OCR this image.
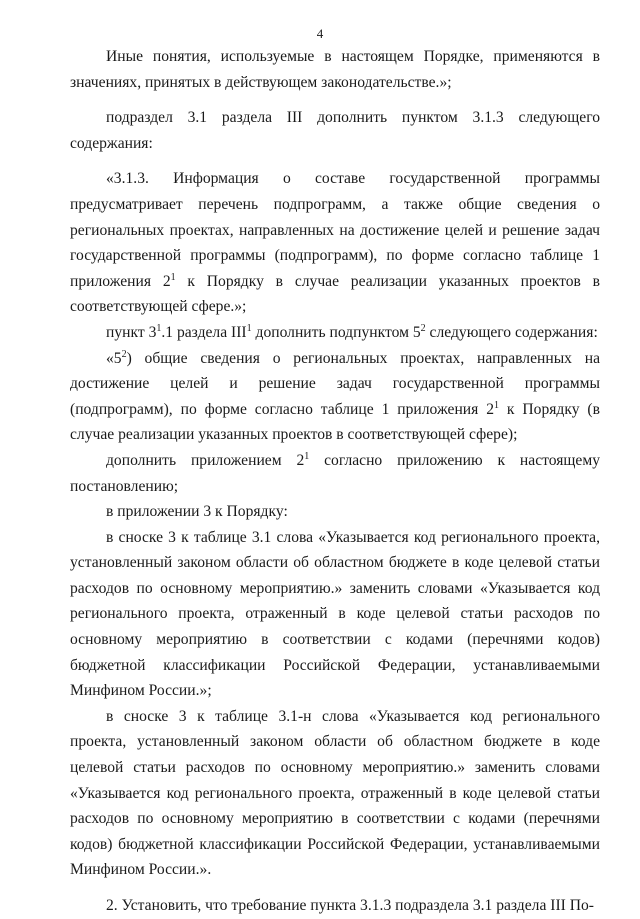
4

Иные понятия, используемые в настоящем Порядке, применяются в значениях, принятых в действующем законодательстве.»;

подраздел 3.1 раздела III дополнить пунктом 3.1.3 следующего содержания:

«3.1.3. Информация о составе государственной программы предусматривает перечень подпрограмм, а также общие сведения о региональных проектах, направленных на достижение целей и решение задач государственной программы (подпрограмм), по форме согласно таблице 1 приложения $2^1$ к Порядку в случае реализации указанных проектов в соответствующей сфере.»;

пункт $3^1.1$ раздела III$^1$ дополнить подпунктом $5^2$ следующего содержания:

«$5^2$) общие сведения о региональных проектах, направленных на достижение целей и решение задач государственной программы (подпрограмм), по форме согласно таблице 1 приложения $2^1$ к Порядку (в случае реализации указанных проектов в соответствующей сфере);

дополнить приложением $2^1$ согласно приложению к настоящему постановлению;

в приложении 3 к Порядку:

в сноске 3 к таблице 3.1 слова «Указывается код регионального проекта, установленный законом области об областном бюджете в коде целевой статьи расходов по основному мероприятию.» заменить словами «Указывается код регионального проекта, отраженный в коде целевой статьи расходов по основному мероприятию в соответствии с кодами (перечнями кодов) бюджетной классификации Российской Федерации, устанавливаемыми Минфином России.»;

в сноске 3 к таблице 3.1-н слова «Указывается код регионального проекта, установленный законом области об областном бюджете в коде целевой статьи расходов по основному мероприятию.» заменить словами «Указывается код регионального проекта, отраженный в коде целевой статьи расходов по основному мероприятию в соответствии с кодами (перечнями кодов) бюджетной классификации Российской Федерации, устанавливаемыми Минфином России.».

2. Установить, что требование пункта 3.1.3 подраздела 3.1 раздела III По-
